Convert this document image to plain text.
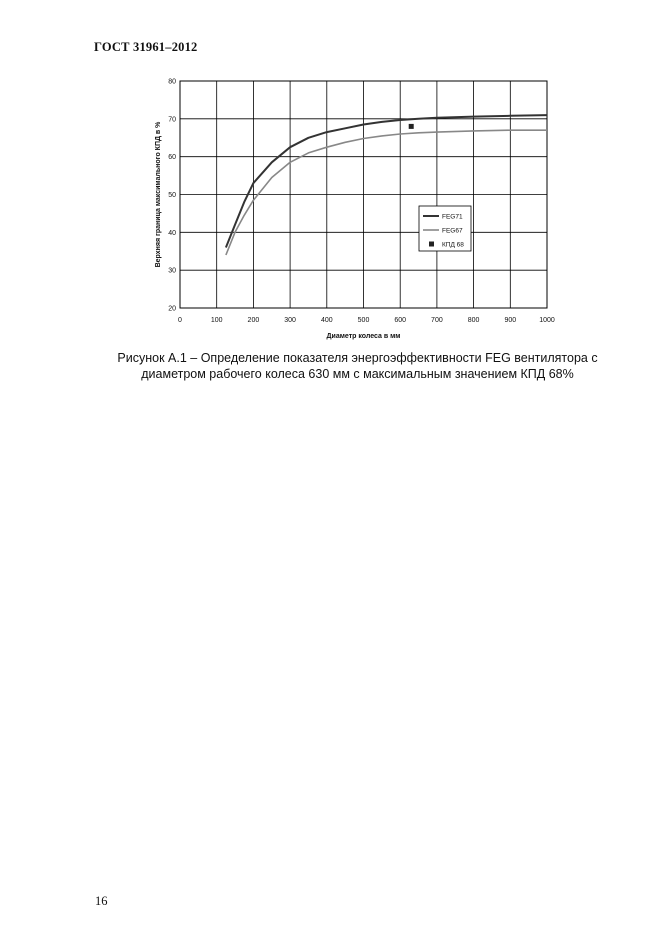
ГОСТ 31961–2012
0	100	200	300	400	500	600	700	800	900	1000
20
30
40
50
60
70
80
Диаметр колеса в мм
Верхняя граница максимального КПД в %	FEG71
FEG67
КПД 68
Рисунок А.1 – Определение показателя энергоэффективности FEG вентилятора с
диаметром рабочего колеса 630 мм с максимальным значением КПД 68%
16
